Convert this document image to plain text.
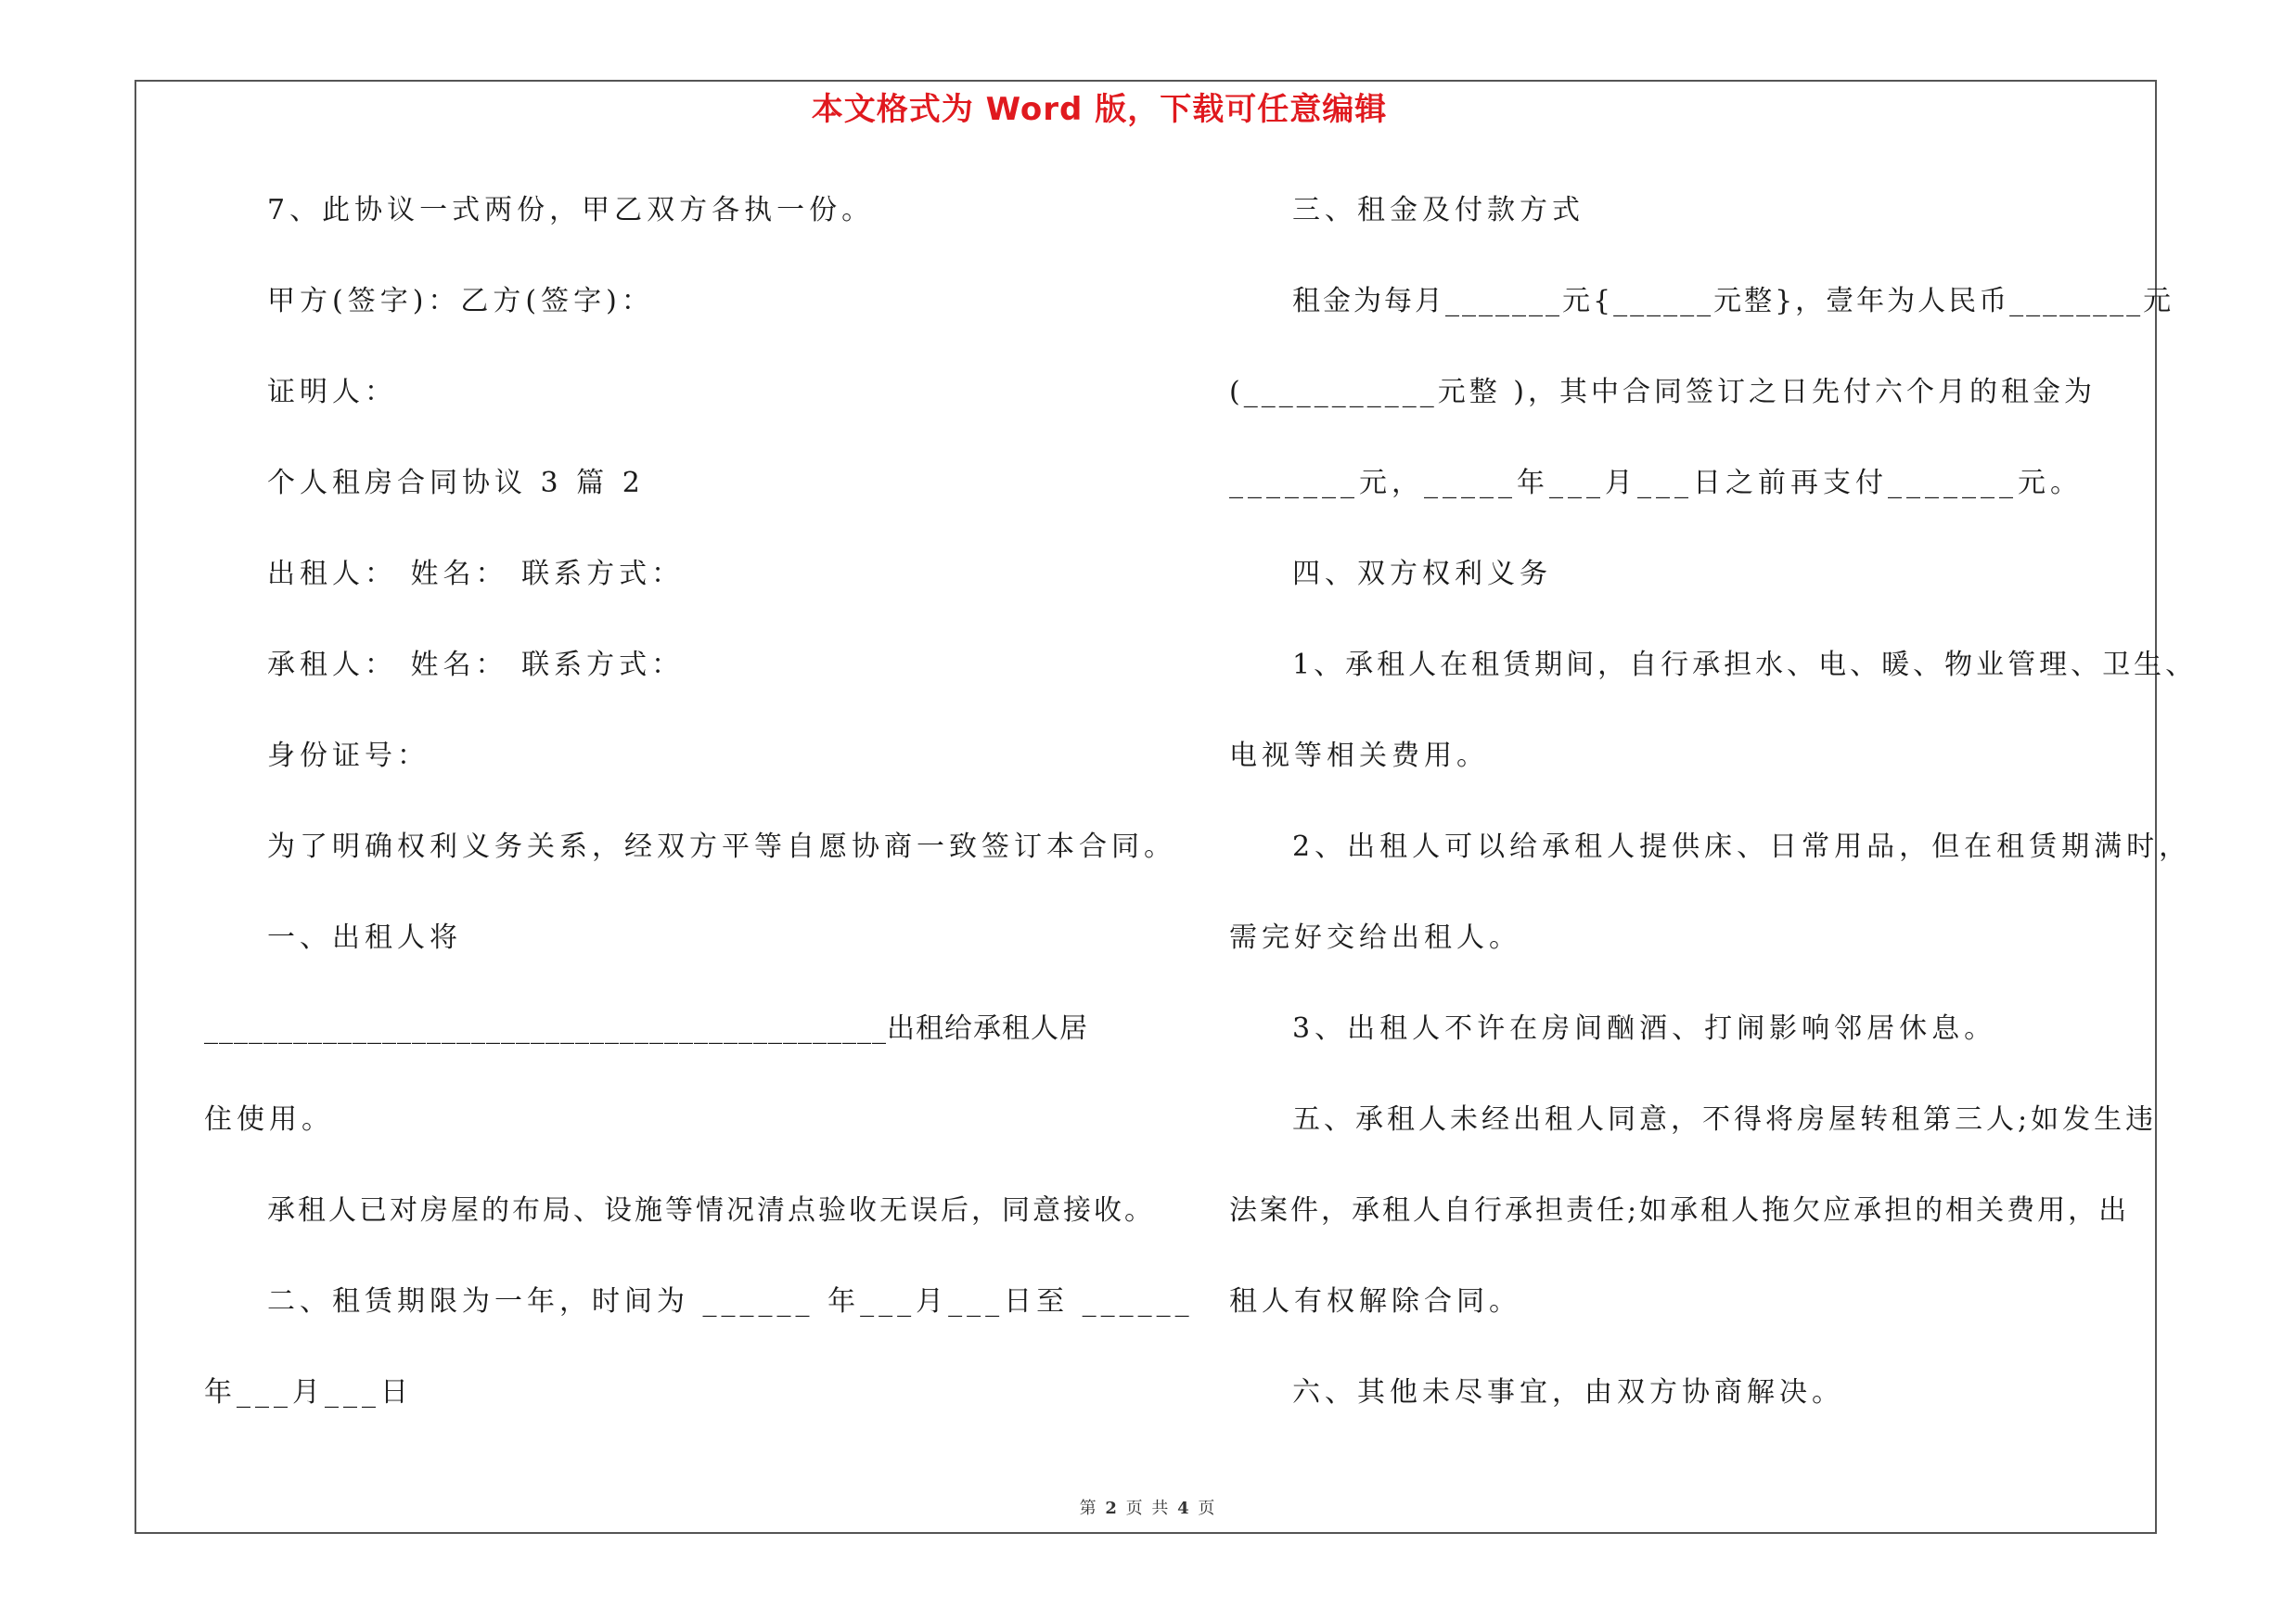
本文格式为 Word 版，下载可任意编辑
7、此协议一式两份，甲乙双方各执一份。
甲方(签字)：乙方(签字)：
证明人：
个人租房合同协议 3 篇 2
出租人： 姓名： 联系方式：
承租人： 姓名： 联系方式：
身份证号：
为了明确权利义务关系，经双方平等自愿协商一致签订本合同。
一、出租人将
______________________________________________出租给承租人居
住使用。
承租人已对房屋的布局、设施等情况清点验收无误后，同意接收。
二、租赁期限为一年，时间为 ______ 年___月___日至 ______
年___月___日
三、租金及付款方式
租金为每月_______元{______元整}，壹年为人民币________元
(___________元整 )，其中合同签订之日先付六个月的租金为
_______元，_____年___月___日之前再支付_______元。
四、双方权利义务
1、承租人在租赁期间，自行承担水、电、暖、物业管理、卫生、
电视等相关费用。
2、出租人可以给承租人提供床、日常用品，但在租赁期满时，
需完好交给出租人。
3、出租人不许在房间酗酒、打闹影响邻居休息。
五、承租人未经出租人同意，不得将房屋转租第三人;如发生违
法案件，承租人自行承担责任;如承租人拖欠应承担的相关费用，出
租人有权解除合同。
六、其他未尽事宜，由双方协商解决。
第 2 页 共 4 页
